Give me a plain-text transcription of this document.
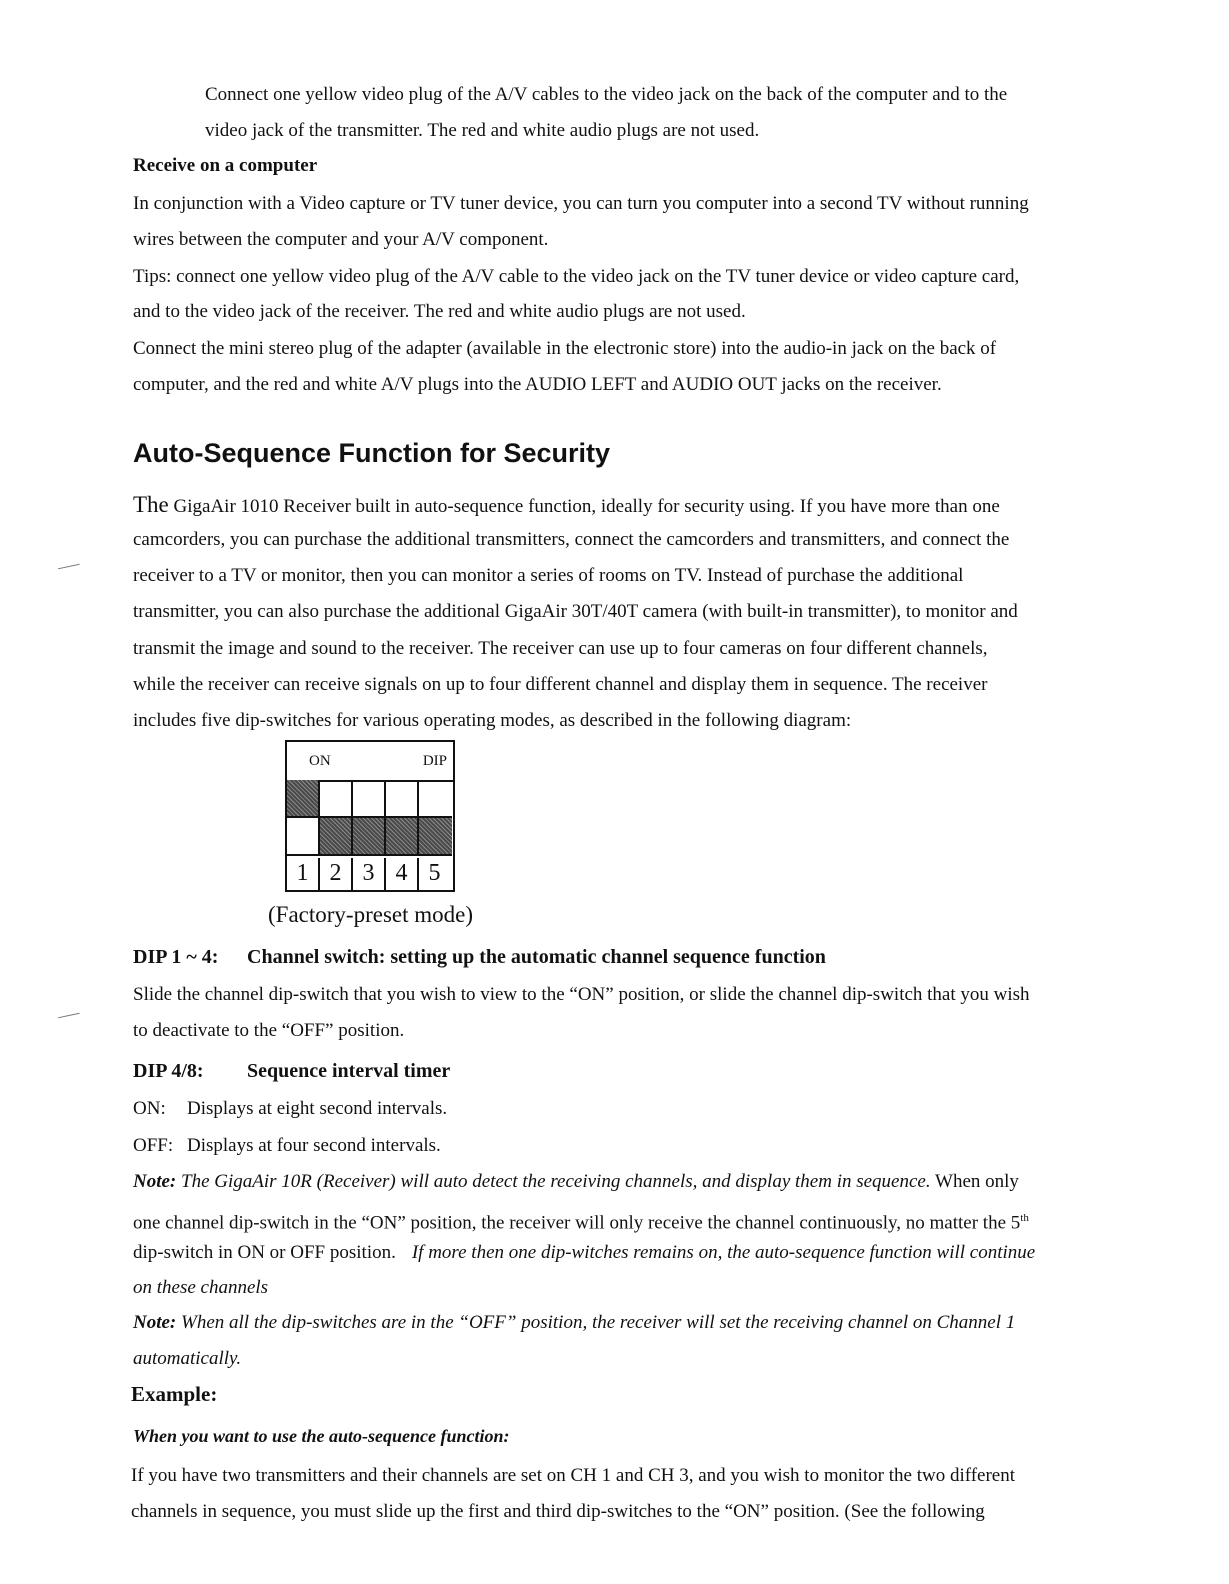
Connect one yellow video plug of the A/V cables to the video jack on the back of the computer and to the
video jack of the transmitter. The red and white audio plugs are not used.
Receive on a computer
In conjunction with a Video capture or TV tuner device, you can turn you computer into a second TV without running
wires between the computer and your A/V component.
Tips: connect one yellow video plug of the A/V cable to the video jack on the TV tuner device or video capture card,
and to the video jack of the receiver. The red and white audio plugs are not used.
Connect the mini stereo plug of the adapter (available in the electronic store) into the audio-in jack on the back of
computer, and the red and white A/V plugs into the AUDIO LEFT and AUDIO OUT jacks on the receiver.
Auto-Sequence Function for Security
The GigaAir 1010 Receiver built in auto-sequence function, ideally for security using. If you have more than one
camcorders, you can purchase the additional transmitters, connect the camcorders and transmitters, and connect the
receiver to a TV or monitor, then you can monitor a series of rooms on TV. Instead of purchase the additional
transmitter, you can also purchase the additional GigaAir 30T/40T camera (with built-in transmitter), to monitor and
transmit the image and sound to the receiver. The receiver can use up to four cameras on four different channels,
while the receiver can receive signals on up to four different channel and display them in sequence. The receiver
includes five dip-switches for various operating modes, as described in the following diagram:
ON	DIP
1 2 3 4 5
(Factory-preset mode)
DIP 1 ~ 4: Channel switch: setting up the automatic channel sequence function
Slide the channel dip-switch that you wish to view to the “ON” position, or slide the channel dip-switch that you wish
to deactivate to the “OFF” position.
DIP 4/8: Sequence interval timer
ON: Displays at eight second intervals.
OFF: Displays at four second intervals.
Note: The GigaAir 10R (Receiver) will auto detect the receiving channels, and display them in sequence. When only
one channel dip-switch in the “ON” position, the receiver will only receive the channel continuously, no matter the 5th
dip-switch in ON or OFF position. If more then one dip-witches remains on, the auto-sequence function will continue
on these channels
Note: When all the dip-switches are in the “OFF” position, the receiver will set the receiving channel on Channel 1
automatically.
Example:
When you want to use the auto-sequence function:
If you have two transmitters and their channels are set on CH 1 and CH 3, and you wish to monitor the two different
channels in sequence, you must slide up the first and third dip-switches to the “ON” position. (See the following
